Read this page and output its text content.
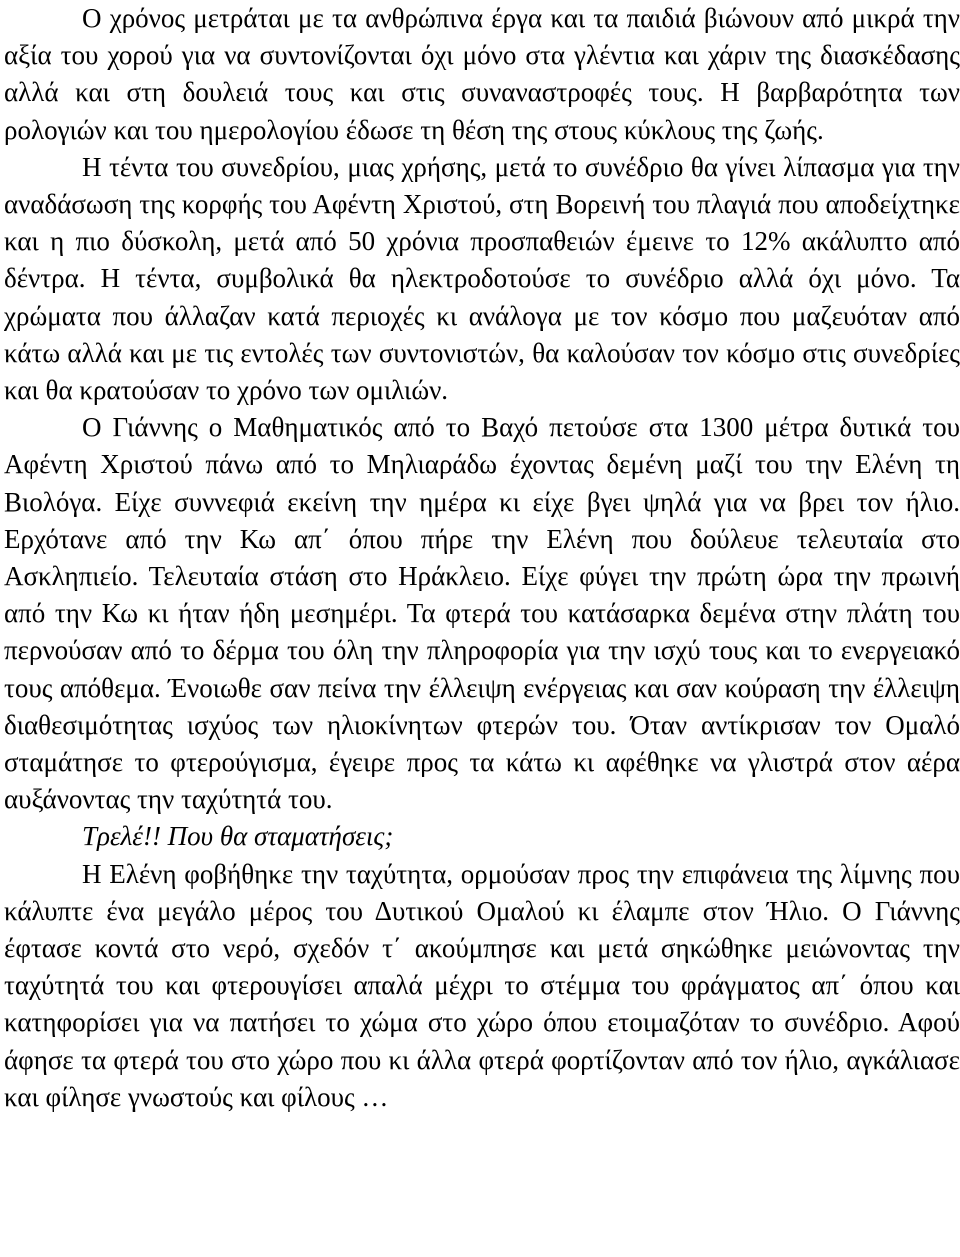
Ο χρόνος μετράται με τα ανθρώπινα έργα και τα παιδιά βιώνουν από μικρά την αξία του χορού για να συντονίζονται όχι μόνο στα γλέντια και χάριν της διασκέδασης αλλά και στη δουλειά τους και στις συναναστροφές τους. Η βαρβαρότητα των ρολογιών και του ημερολογίου έδωσε τη θέση της στους κύκλους της ζωής.

Η τέντα του συνεδρίου, μιας χρήσης, μετά το συνέδριο θα γίνει λίπασμα για την αναδάσωση της κορφής του Αφέντη Χριστού, στη Βορεινή του πλαγιά που αποδείχτηκε και η πιο δύσκολη, μετά από 50 χρόνια προσπαθειών έμεινε το 12% ακάλυπτο από δέντρα. Η τέντα, συμβολικά θα ηλεκτροδοτούσε το συνέδριο αλλά όχι μόνο. Τα χρώματα που άλλαζαν κατά περιοχές κι ανάλογα με τον κόσμο που μαζευόταν από κάτω αλλά και με τις εντολές των συντονιστών, θα καλούσαν τον κόσμο στις συνεδρίες και θα κρατούσαν το χρόνο των ομιλιών.

Ο Γιάννης ο Μαθηματικός από το Βαχό πετούσε στα 1300 μέτρα δυτικά του Αφέντη Χριστού πάνω από το Μηλιαράδω έχοντας δεμένη μαζί του την Ελένη τη Βιολόγα. Είχε συννεφιά εκείνη την ημέρα κι είχε βγει ψηλά για να βρει τον ήλιο. Ερχότανε από την Κω απ΄ όπου πήρε την Ελένη που δούλευε τελευταία στο Ασκληπιείο. Τελευταία στάση στο Ηράκλειο. Είχε φύγει την πρώτη ώρα την πρωινή από την Κω κι ήταν ήδη μεσημέρι. Τα φτερά του κατάσαρκα δεμένα στην πλάτη του περνούσαν από το δέρμα του όλη την πληροφορία για την ισχύ τους και το ενεργειακό τους απόθεμα. Ένοιωθε σαν πείνα την έλλειψη ενέργειας και σαν κούραση την έλλειψη διαθεσιμότητας ισχύος των ηλιοκίνητων φτερών του. Όταν αντίκρισαν τον Ομαλό σταμάτησε το φτερούγισμα, έγειρε προς τα κάτω κι αφέθηκε να γλιστρά στον αέρα αυξάνοντας την ταχύτητά του.

Τρελέ!! Που θα σταματήσεις;

Η Ελένη φοβήθηκε την ταχύτητα, ορμούσαν προς την επιφάνεια της λίμνης που κάλυπτε ένα μεγάλο μέρος του Δυτικού Ομαλού κι έλαμπε στον Ήλιο. Ο Γιάννης έφτασε κοντά στο νερό, σχεδόν τ΄ ακούμπησε και μετά σηκώθηκε μειώνοντας την ταχύτητά του και φτερουγίσει απαλά μέχρι το στέμμα του φράγματος απ΄ όπου και κατηφορίσει για να πατήσει το χώμα στο χώρο όπου ετοιμαζόταν το συνέδριο. Αφού άφησε τα φτερά του στο χώρο που κι άλλα φτερά φορτίζονταν από τον ήλιο, αγκάλιασε και φίλησε γνωστούς και φίλους …
